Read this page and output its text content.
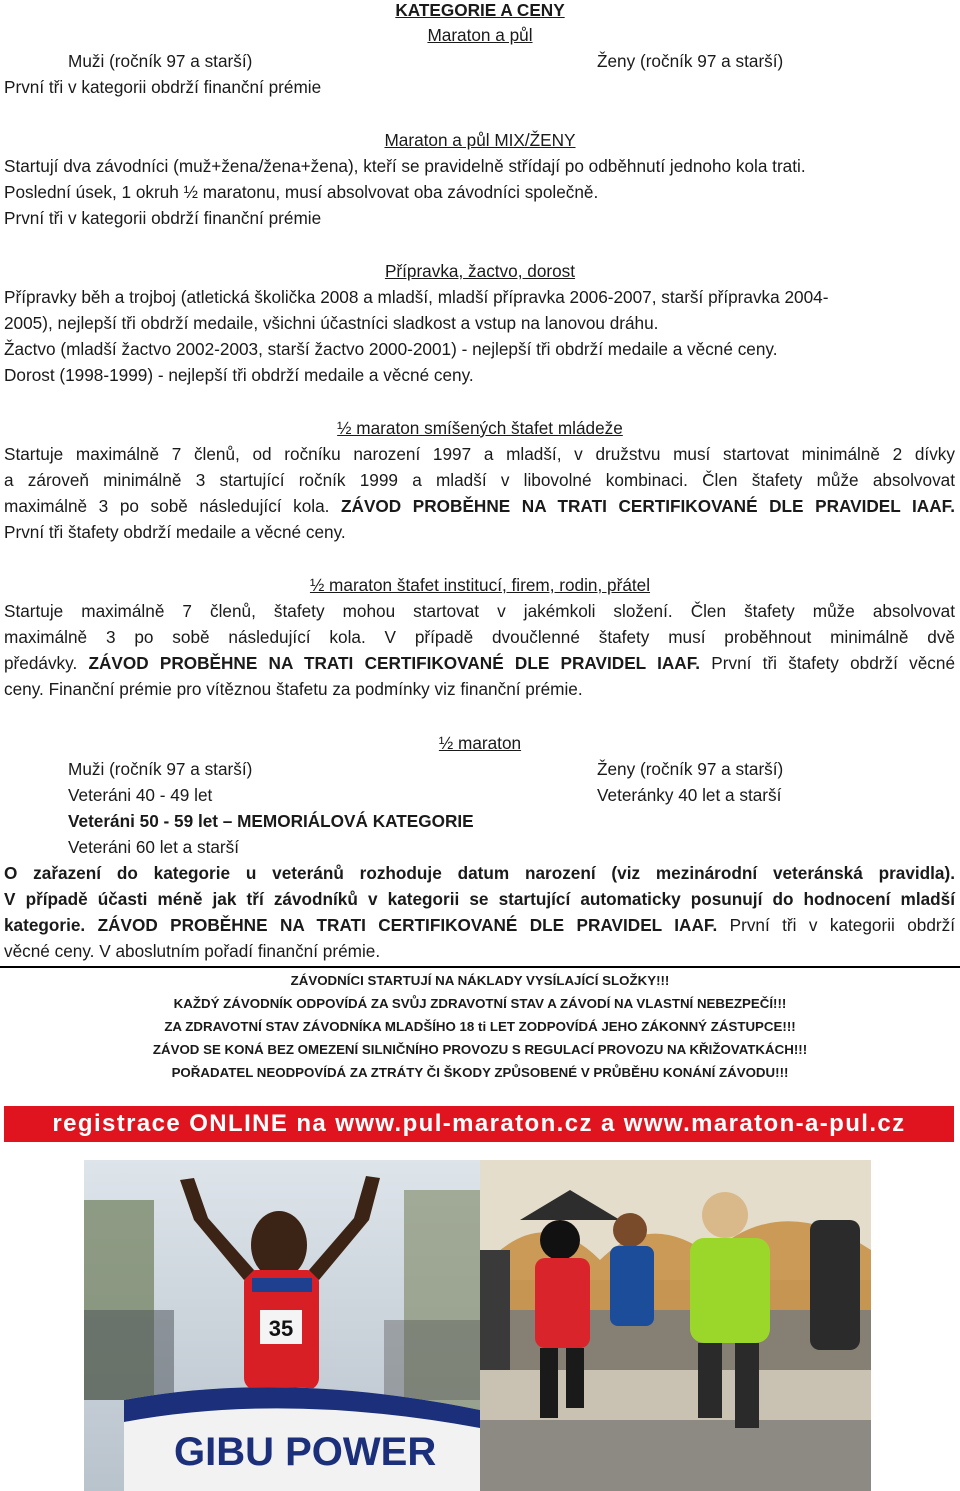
KATEGORIE A CENY
Maraton a půl
Muži (ročník 97 a starší)	Ženy (ročník 97 a starší)
První tři v kategorii obdrží finanční prémie
Maraton a půl MIX/ŽENY
Startují dva závodníci (muž+žena/žena+žena), kteří se pravidelně střídají po odběhnutí jednoho kola trati.
Poslední úsek, 1 okruh ½ maratonu, musí absolvovat oba závodníci společně.
První tři v kategorii obdrží finanční prémie
Přípravka, žactvo, dorost
Přípravky běh a trojboj (atletická školička 2008 a mladší, mladší přípravka 2006-2007, starší přípravka 2004-
2005), nejlepší tři obdrží medaile, všichni účastníci sladkost a vstup na lanovou dráhu.
Žactvo (mladší žactvo 2002-2003, starší žactvo 2000-2001) - nejlepší tři obdrží medaile a věcné ceny.
Dorost (1998-1999) - nejlepší tři obdrží medaile a věcné ceny.
½ maraton smíšených štafet mládeže
Startuje maximálně 7 členů, od ročníku narození 1997 a mladší, v družstvu musí startovat minimálně 2 dívky
a zároveň minimálně 3 startující ročník 1999 a mladší v libovolné kombinaci. Člen štafety může absolvovat
maximálně 3 po sobě následující kola. ZÁVOD PROBĚHNE NA TRATI CERTIFIKOVANÉ DLE PRAVIDEL IAAF.
První tři štafety obdrží medaile a věcné ceny.
½ maraton štafet institucí, firem, rodin, přátel
Startuje maximálně 7 členů, štafety mohou startovat v jakémkoli složení. Člen štafety může absolvovat
maximálně 3 po sobě následující kola. V případě dvoučlenné štafety musí proběhnout minimálně dvě
předávky. ZÁVOD PROBĚHNE NA TRATI CERTIFIKOVANÉ DLE PRAVIDEL IAAF. První tři štafety obdrží věcné
ceny. Finanční prémie pro vítěznou štafetu za podmínky viz finanční prémie.
½ maraton
Muži (ročník 97 a starší)	Ženy (ročník 97 a starší)
Veteráni 40 - 49 let	Veteránky 40 let a starší
Veteráni 50 - 59 let – MEMORIÁLOVÁ KATEGORIE
Veteráni 60 let a starší
O zařazení do kategorie u veteránů rozhoduje datum narození (viz mezinárodní veteránská pravidla).
V případě účasti méně jak tří závodníků v kategorii se startující automaticky posunují do hodnocení mladší
kategorie. ZÁVOD PROBĚHNE NA TRATI CERTIFIKOVANÉ DLE PRAVIDEL IAAF. První tři v kategorii obdrží
věcné ceny. V aboslutním pořadí finanční prémie.
ZÁVODNÍCI STARTUJÍ NA NÁKLADY VYSÍLAJÍCÍ SLOŽKY!!!
KAŽDÝ ZÁVODNÍK ODPOVÍDÁ ZA SVŮJ ZDRAVOTNÍ STAV A ZÁVODÍ NA VLASTNÍ NEBEZPEČÍ!!!
ZA ZDRAVOTNÍ STAV ZÁVODNÍKA MLADŠÍHO 18 ti LET ZODPOVÍDÁ JEHO ZÁKONNÝ ZÁSTUPCE!!!
ZÁVOD SE KONÁ BEZ OMEZENÍ SILNIČNÍHO PROVOZU S REGULACÍ PROVOZU NA KŘIŽOVATKÁCH!!!
POŘADATEL NEODPOVÍDÁ ZA ZTRÁTY ČI ŠKODY ZPŮSOBENÉ V PRŮBĚHU KONÁNÍ ZÁVODU!!!
registrace ONLINE na www.pul-maraton.cz a www.maraton-a-pul.cz
35
GIBU POWER
